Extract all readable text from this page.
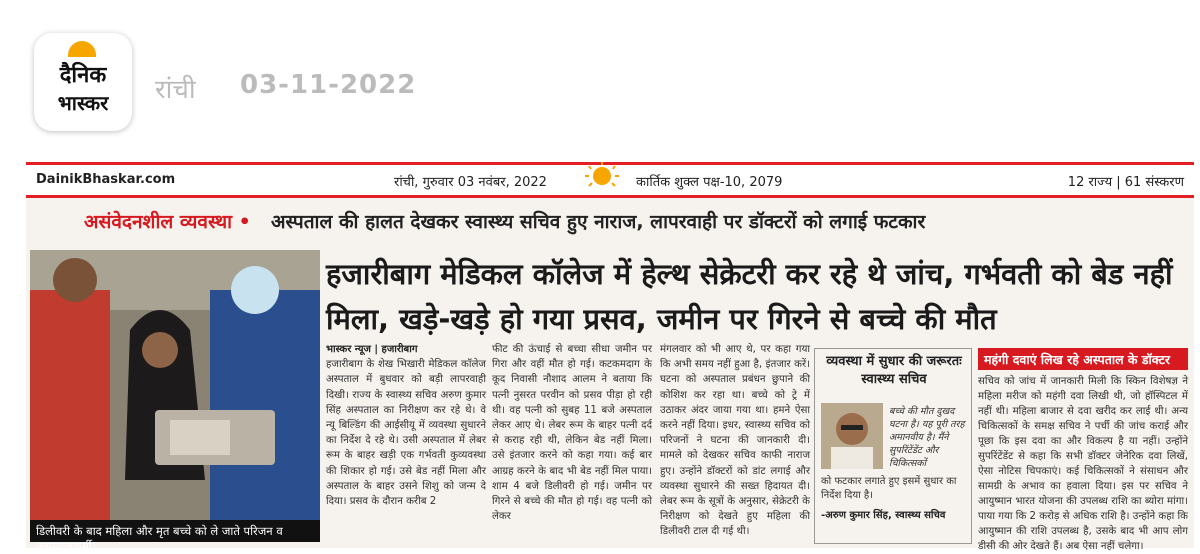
दैनिक
भास्कर	रांची 03-11-2022
DainikBhaskar.com	रांची, गुरुवार 03 नवंबर, 2022	कार्तिक शुक्ल पक्ष-10, 2079	12 राज्य | 61 संस्करण
असंवेदनशील व्यवस्था • अस्पताल की हालत देखकर स्वास्थ्य सचिव हुए नाराज, लापरवाही पर डॉक्टरों को लगाई फटकार
डिलीवरी के बाद महिला और मृत बच्चे को ले जाते परिजन व अस्पतालकर्मी।
हजारीबाग मेडिकल कॉलेज में हेल्थ सेक्रेटरी कर रहे थे जांच, गर्भवती को बेड नहीं मिला, खड़े-खड़े हो गया प्रसव, जमीन पर गिरने से बच्चे की मौत
भास्कर न्यूज | हजारीबाग
हजारीबाग के शेख भिखारी मेडिकल कॉलेज अस्पताल में बुधवार को बड़ी लापरवाही दिखी। राज्य के स्वास्थ्य सचिव अरुण कुमार सिंह अस्पताल का निरीक्षण कर रहे थे। वे न्यू बिल्डिंग की आईसीयू में व्यवस्था सुधारने का निर्देश दे रहे थे। उसी अस्पताल में लेबर रूम के बाहर खड़ी एक गर्भवती कुव्यवस्था की शिकार हो गई। उसे बेड नहीं मिला और अस्पताल के बाहर उसने शिशु को जन्म दे दिया। प्रसव के दौरान करीब 2
फीट की ऊंचाई से बच्चा सीधा जमीन पर गिरा और वहीं मौत हो गई। कटकमदाग के कूद निवासी नौशाद आलम ने बताया कि पत्नी नुसरत परवीन को प्रसव पीड़ा हो रही थी। वह पत्नी को सुबह 11 बजे अस्पताल लेकर आए थे। लेबर रूम के बाहर पत्नी दर्द से कराह रही थी, लेकिन बेड नहीं मिला। उसे इंतजार करने को कहा गया। कई बार आग्रह करने के बाद भी बेड नहीं मिल पाया। शाम 4 बजे डिलीवरी हो गई। जमीन पर गिरने से बच्चे की मौत हो गई। वह पत्नी को लेकर
मंगलवार को भी आए थे, पर कहा गया कि अभी समय नहीं हुआ है, इंतजार करें। घटना को अस्पताल प्रबंधन छुपाने की कोशिश कर रहा था। बच्चे को ट्रे में उठाकर अंदर जाया गया था। हमने ऐसा करने नहीं दिया। इधर, स्वास्थ्य सचिव को परिजनों ने घटना की जानकारी दी। मामले को देखकर सचिव काफी नाराज हुए। उन्होंने डॉक्टरों को डांट लगाई और व्यवस्था सुधारने की सख्त हिदायत दी। लेबर रूम के सूत्रों के अनुसार, सेक्रेटरी के निरीक्षण को देखते हुए महिला की डिलीवरी टाल दी गई थी।
व्यवस्था में सुधार की जरूरतः स्वास्थ्य सचिव
बच्चे की मौत दुखद घटना है। यह पूरी तरह अमानवीय है। मैंने सुपरिंटेंडेंट और चिकित्सकों
को फटकार लगाते हुए इसमें सुधार का निर्देश दिया है।
-अरुण कुमार सिंह, स्वास्थ्य सचिव
महंगी दवाएं लिख रहे अस्पताल के डॉक्टर
सचिव को जांच में जानकारी मिली कि स्किन विशेषज्ञ ने महिला मरीज को महंगी दवा लिखी थी, जो हॉस्पिटल में नहीं थी। महिला बाजार से दवा खरीद कर लाई थी। अन्य चिकित्सकों के समक्ष सचिव ने पर्ची की जांच कराई और पूछा कि इस दवा का और विकल्प है या नहीं। उन्होंने सुपरिंटेंडेंट से कहा कि सभी डॉक्टर जेनेरिक दवा लिखें, ऐसा नोटिस चिपकाएं। कई चिकित्सकों ने संसाधन और सामग्री के अभाव का हवाला दिया। इस पर सचिव ने आयुष्मान भारत योजना की उपलब्ध राशि का ब्योरा मांगा। पाया गया कि 2 करोड़ से अधिक राशि है। उन्होंने कहा कि आयुष्मान की राशि उपलब्ध है, उसके बाद भी आप लोग डीसी की ओर देखते हैं। अब ऐसा नहीं चलेगा।
